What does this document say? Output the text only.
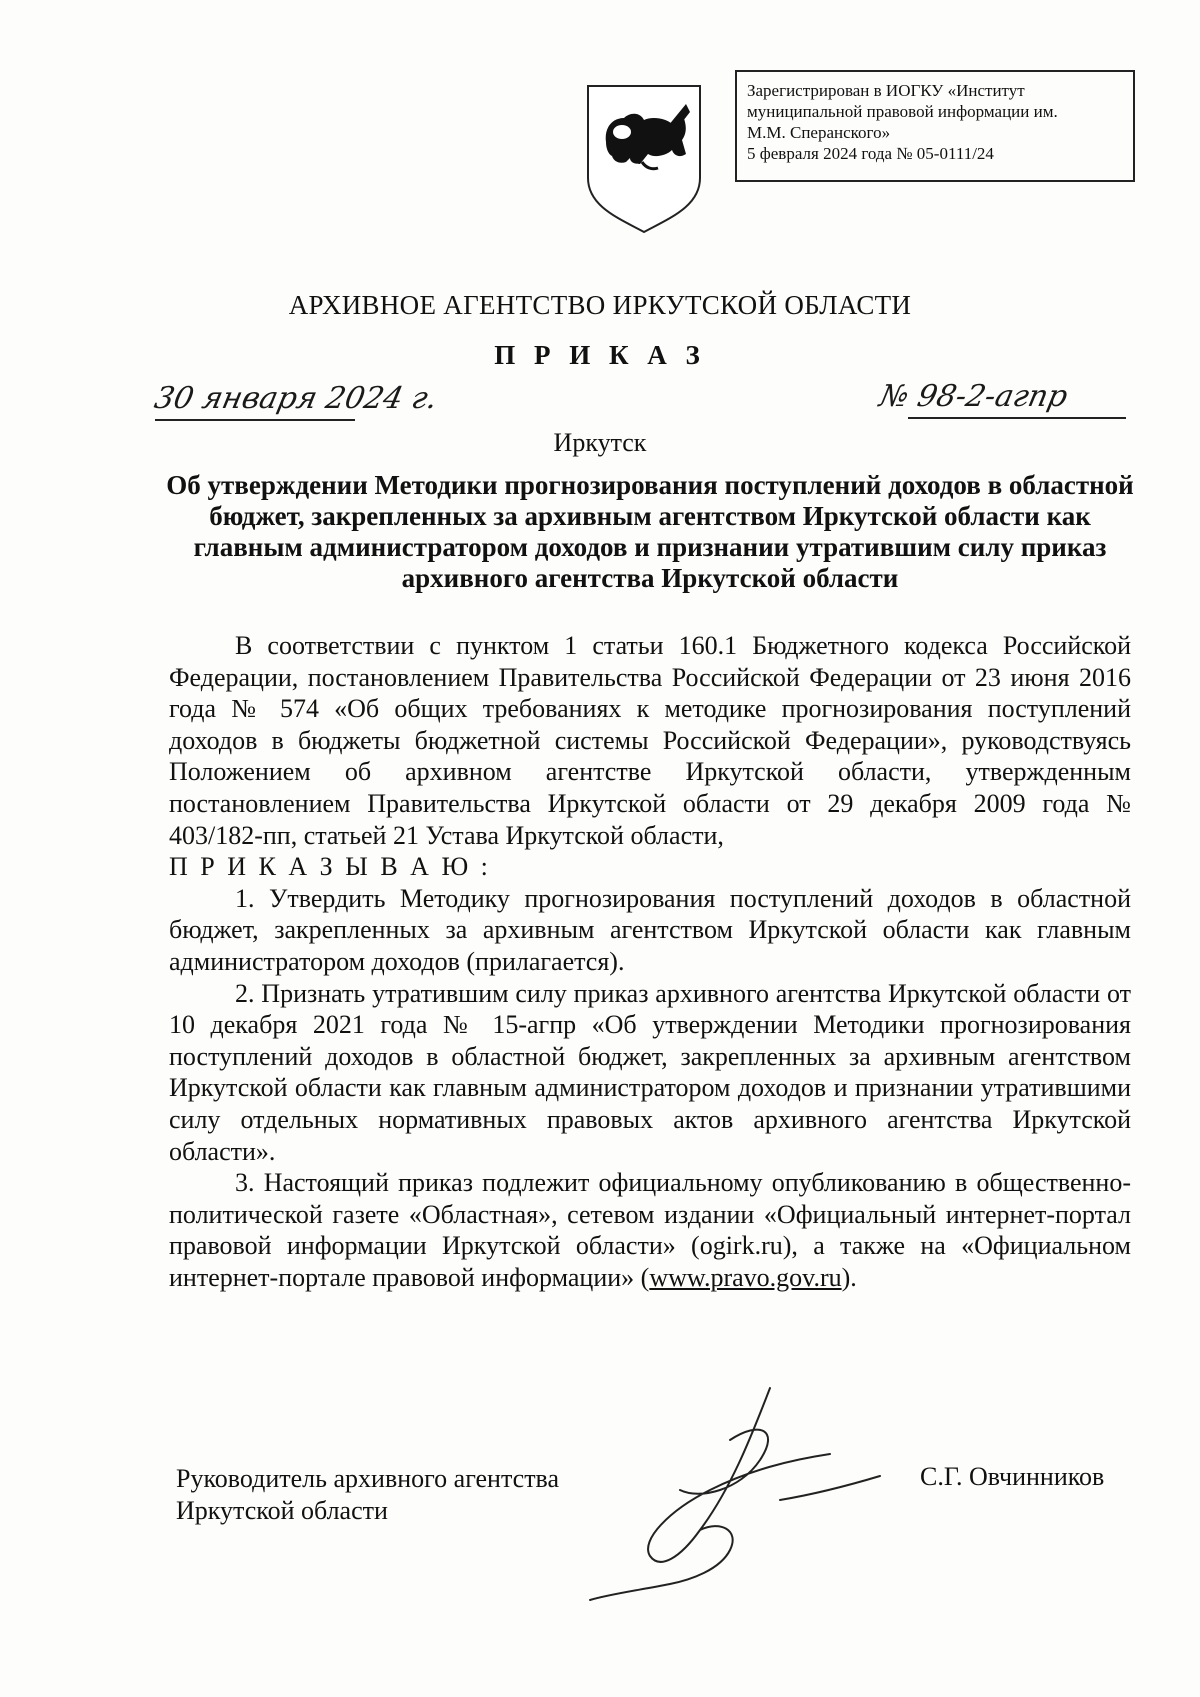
Зарегистрирован в ИОГКУ «Институт
муниципальной правовой информации им.
М.М. Сперанского»
5 февраля 2024 года № 05-0111/24
АРХИВНОЕ АГЕНТСТВО ИРКУТСКОЙ ОБЛАСТИ
П Р И К А З
30 января 2024 г.	№ 98-2-агпр
Иркутск
Об утверждении Методики прогнозирования поступлений доходов в областной бюджет, закрепленных за архивным агентством Иркутской области как главным администратором доходов и признании утратившим силу приказ архивного агентства Иркутской области

В соответствии с пунктом 1 статьи 160.1 Бюджетного кодекса Российской Федерации, постановлением Правительства Российской Федерации от 23 июня 2016 года № 574 «Об общих требованиях к методике прогнозирования поступлений доходов в бюджеты бюджетной системы Российской Федерации», руководствуясь Положением об архивном агентстве Иркутской области, утвержденным постановлением Правительства Иркутской области от 29 декабря 2009 года № 403/182-пп, статьей 21 Устава Иркутской области,

П Р И К А З Ы В А Ю :

1. Утвердить Методику прогнозирования поступлений доходов в областной бюджет, закрепленных за архивным агентством Иркутской области как главным администратором доходов (прилагается).

2. Признать утратившим силу приказ архивного агентства Иркутской области от 10 декабря 2021 года № 15-агпр «Об утверждении Методики прогнозирования поступлений доходов в областной бюджет, закрепленных за архивным агентством Иркутской области как главным администратором доходов и признании утратившими силу отдельных нормативных правовых актов архивного агентства Иркутской области».

3. Настоящий приказ подлежит официальному опубликованию в общественно-политической газете «Областная», сетевом издании «Официальный интернет-портал правовой информации Иркутской области» (ogirk.ru), а также на «Официальном интернет-портале правовой информации» (www.pravo.gov.ru).

Руководитель архивного агентства
Иркутской области
С.Г. Овчинников
